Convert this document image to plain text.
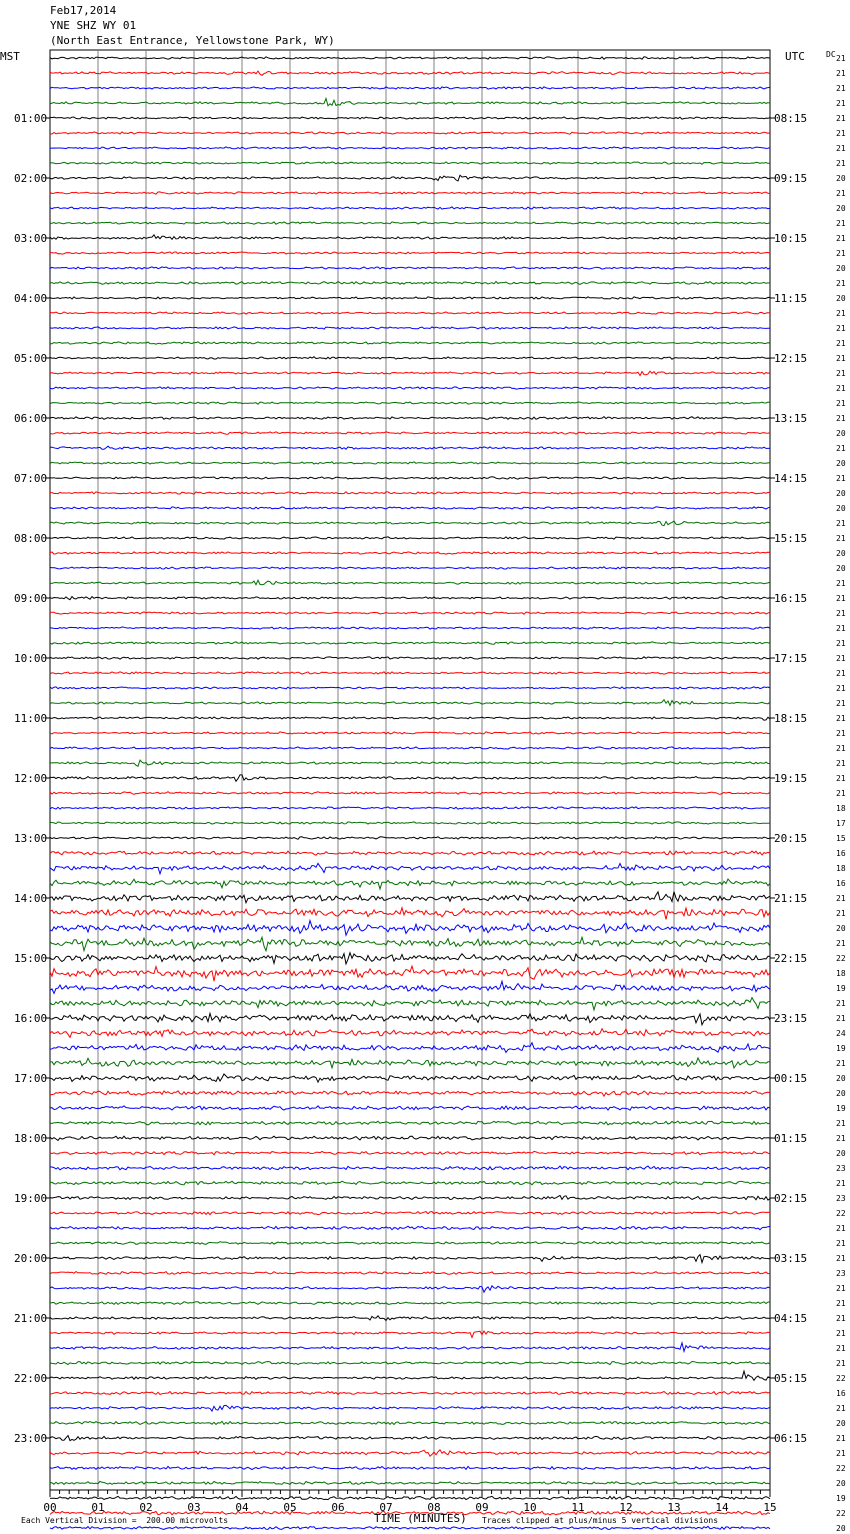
Feb17,2014
YNE SHZ WY 01
(North East Entrance, Yellowstone Park, WY)
MST	UTC	DC
00	01	02	03	04	05	06	07	08	09	10	11	12	13	14	15
01:00	08:15
02:00	09:15
03:00	10:15
04:00	11:15
05:00	12:15
06:00	13:15
07:00	14:15
08:00	15:15
09:00	16:15
10:00	17:15
11:00	18:15
12:00	19:15
13:00	20:15
14:00	21:15
15:00	22:15
16:00	23:15
17:00	00:15
18:00	01:15
19:00	02:15
20:00	03:15
21:00	04:15
22:00	05:15
23:00	06:15
21
21
21
21
21
21
21
21
20
21
20
21
21
21
20
21
20
21
21
21
21
21
21
21
21
20
21
20
21
20
20
21
21
20
20
21
21
21
21
21
21
21
21
21
21
21
21
21
21
21
18
17
15
16
18
16
21
21
20
21
22
18
19
21
21
24
19
21
20
20
19
21
21
20
23
21
23
22
21
21
21
23
21
21
21
21
21
21
22
16
21
20
21
21
22
20
19
22
20
TIME (MINUTES)
Each Vertical Division =  200.00 microvolts	Traces clipped at plus/minus 5 vertical divisions
